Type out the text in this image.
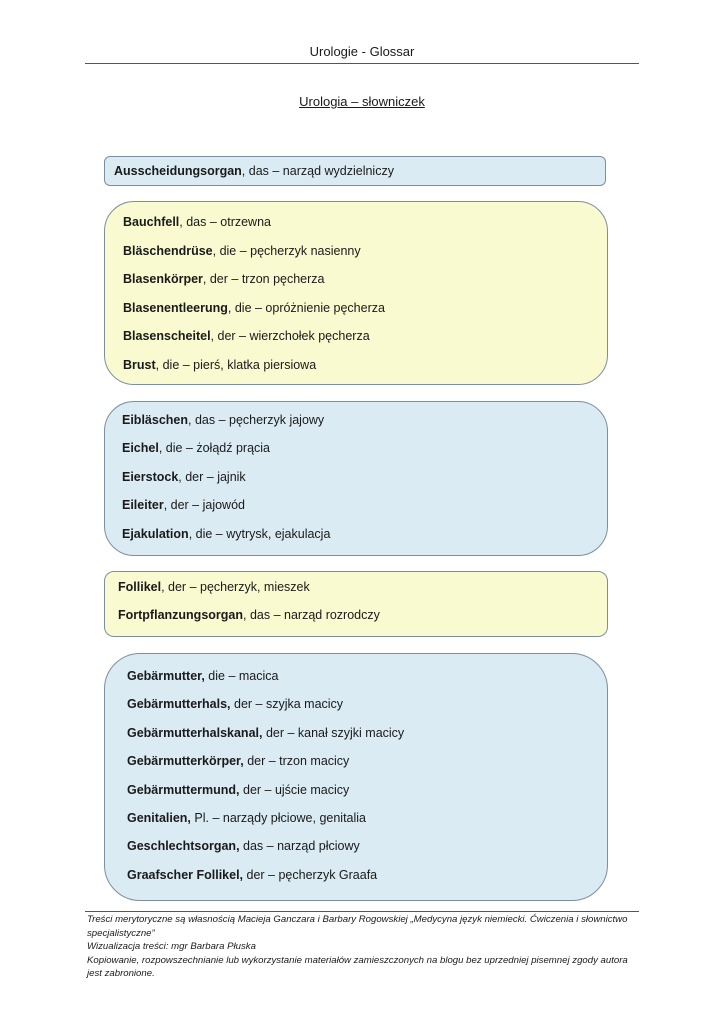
Urologie - Glossar
Urologia – słowniczek
Ausscheidungsorgan, das – narząd wydzielniczy
Bauchfell, das – otrzewna
Bläschendrüse, die – pęcherzyk nasienny
Blasenkörper, der – trzon pęcherza
Blasenentleerung, die – opróżnienie pęcherza
Blasenscheitel, der – wierzchołek pęcherza
Brust, die – pierś, klatka piersiowa
Eibläschen, das – pęcherzyk jajowy
Eichel, die – żołądź prącia
Eierstock, der – jajnik
Eileiter, der – jajowód
Ejakulation, die – wytrysk, ejakulacja
Follikel, der – pęcherzyk, mieszek
Fortpflanzungsorgan, das – narząd rozrodczy
Gebärmutter, die – macica
Gebärmutterhals, der – szyjka macicy
Gebärmutterhalskanal, der – kanał szyjki macicy
Gebärmutterkörper, der – trzon macicy
Gebärmuttermund, der – ujście macicy
Genitalien, Pl. – narządy płciowe, genitalia
Geschlechtsorgan, das – narząd płciowy
Graafscher Follikel, der – pęcherzyk Graafa

Treści merytoryczne są własnością Macieja Ganczara i Barbary Rogowskiej „Medycyna język niemiecki. Ćwiczenia i słownictwo specjalistyczne”

Wizualizacja treści: mgr Barbara Płuska

Kopiowanie, rozpowszechnianie lub wykorzystanie materiałów zamieszczonych na blogu bez uprzedniej pisemnej zgody autora jest zabronione.
